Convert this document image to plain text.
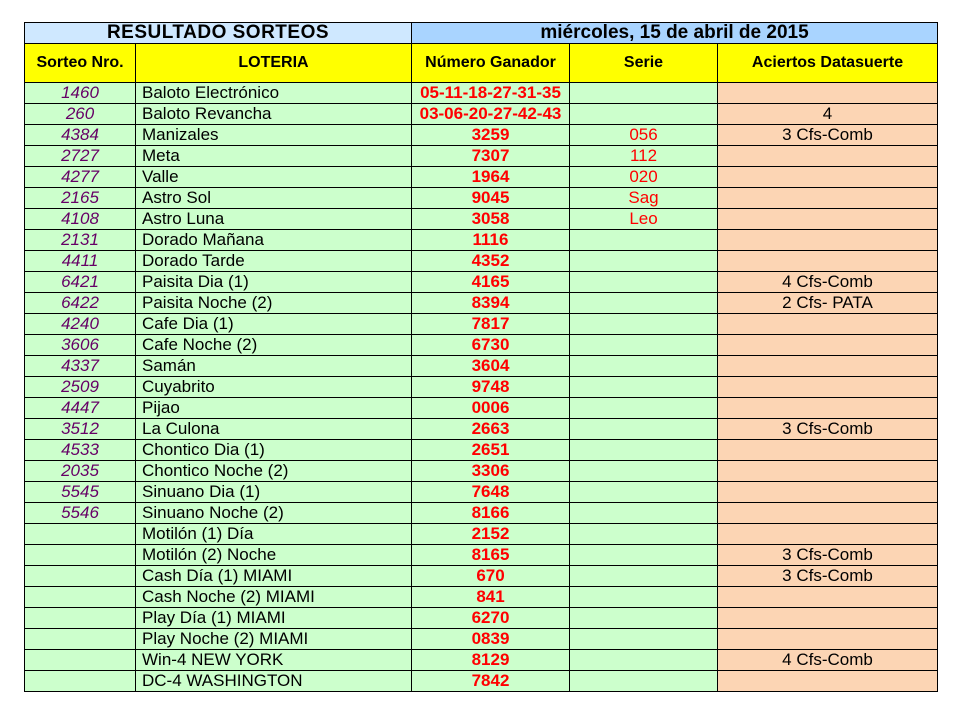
RESULTADO SORTEOS		miércoles, 15 de abril de 2015		
Sorteo Nro.	LOTERIA	Número Ganador	Serie	Aciertos Datasuerte
1460	Baloto Electrónico	05-11-18-27-31-35		
260	Baloto Revancha	03-06-20-27-42-43		4
4384	Manizales	3259	056	3 Cfs-Comb
2727	Meta	7307	112	
4277	Valle	1964	020	
2165	Astro Sol	9045	Sag	
4108	Astro Luna	3058	Leo	
2131	Dorado Mañana	1116		
4411	Dorado Tarde	4352		
6421	Paisita Dia (1)	4165		4 Cfs-Comb
6422	Paisita Noche (2)	8394		2 Cfs- PATA
4240	Cafe Dia (1)	7817		
3606	Cafe Noche (2)	6730		
4337	Samán	3604		
2509	Cuyabrito	9748		
4447	Pijao	0006		
3512	La Culona	2663		3 Cfs-Comb
4533	Chontico Dia (1)	2651		
2035	Chontico Noche (2)	3306		
5545	Sinuano Dia (1)	7648		
5546	Sinuano Noche (2)	8166		
	Motilón (1) Día	2152		
	Motilón (2) Noche	8165		3 Cfs-Comb
	Cash Día (1) MIAMI	670		3 Cfs-Comb
	Cash Noche (2) MIAMI	841		
	Play Día (1) MIAMI	6270		
	Play Noche (2) MIAMI	0839		
	Win-4 NEW YORK	8129		4 Cfs-Comb
	DC-4 WASHINGTON	7842		
